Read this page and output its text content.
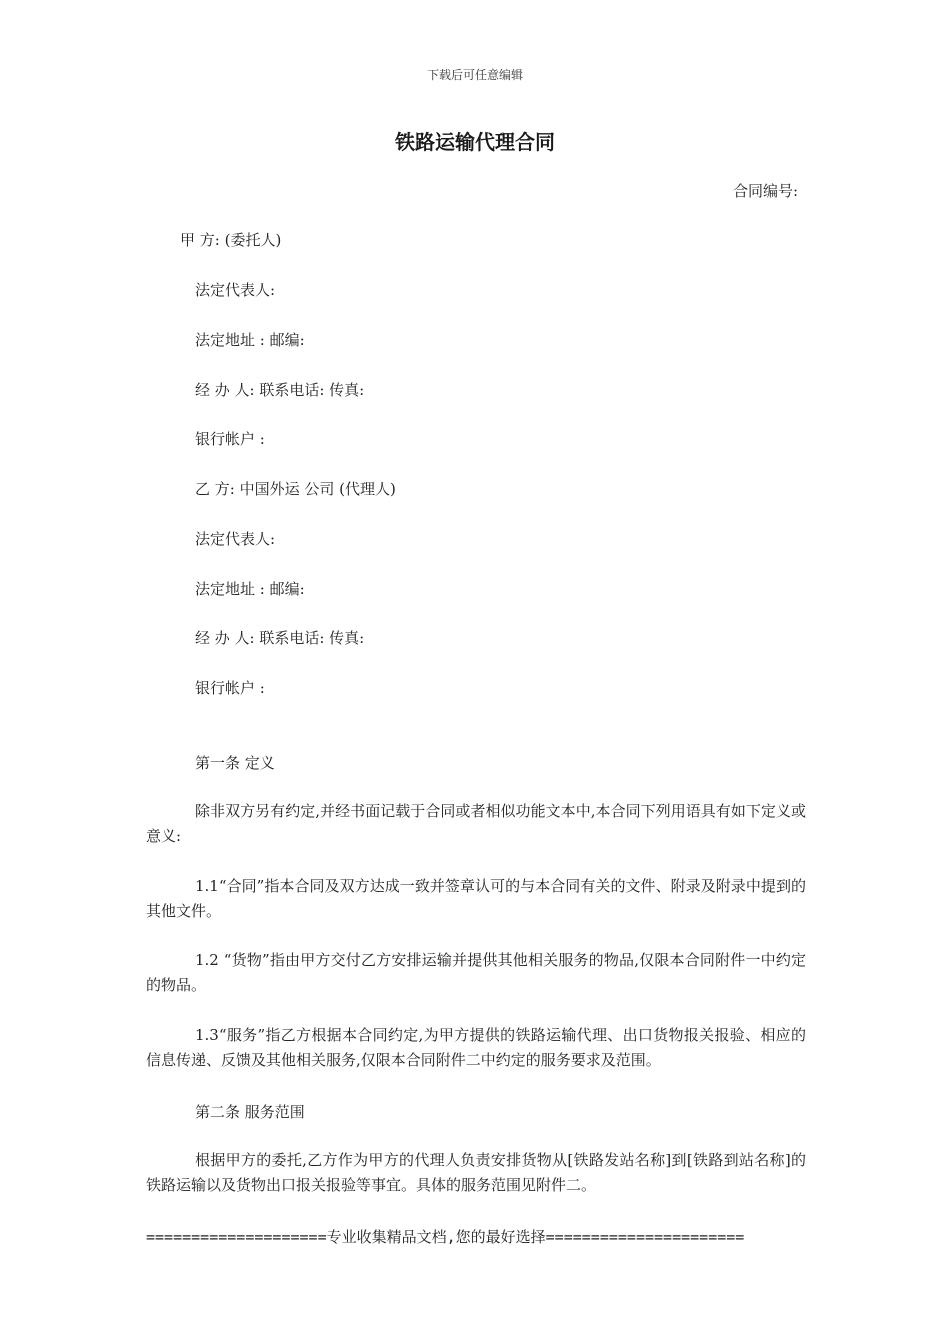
下载后可任意编辑
铁路运输代理合同
合同编号:
甲 方: (委托人)
法定代表人:
法定地址 : 邮编:
经 办 人: 联系电话: 传真:
银行帐户 :
乙 方: 中国外运 公司 (代理人)
法定代表人:
法定地址 : 邮编:
经 办 人: 联系电话: 传真:
银行帐户 :
第一条 定义
除非双方另有约定,并经书面记载于合同或者相似功能文本中,本合同下列用语具有如下定义或意义:
1.1“合同”指本合同及双方达成一致并签章认可的与本合同有关的文件、附录及附录中提到的其他文件。
1.2 “货物”指由甲方交付乙方安排运输并提供其他相关服务的物品,仅限本合同附件一中约定的物品。
1.3“服务”指乙方根据本合同约定,为甲方提供的铁路运输代理、出口货物报关报验、相应的信息传递、反馈及其他相关服务,仅限本合同附件二中约定的服务要求及范围。
第二条 服务范围
根据甲方的委托,乙方作为甲方的代理人负责安排货物从[铁路发站名称]到[铁路到站名称]的铁路运输以及货物出口报关报验等事宜。具体的服务范围见附件二。
====================专业收集精品文档,您的最好选择======================
